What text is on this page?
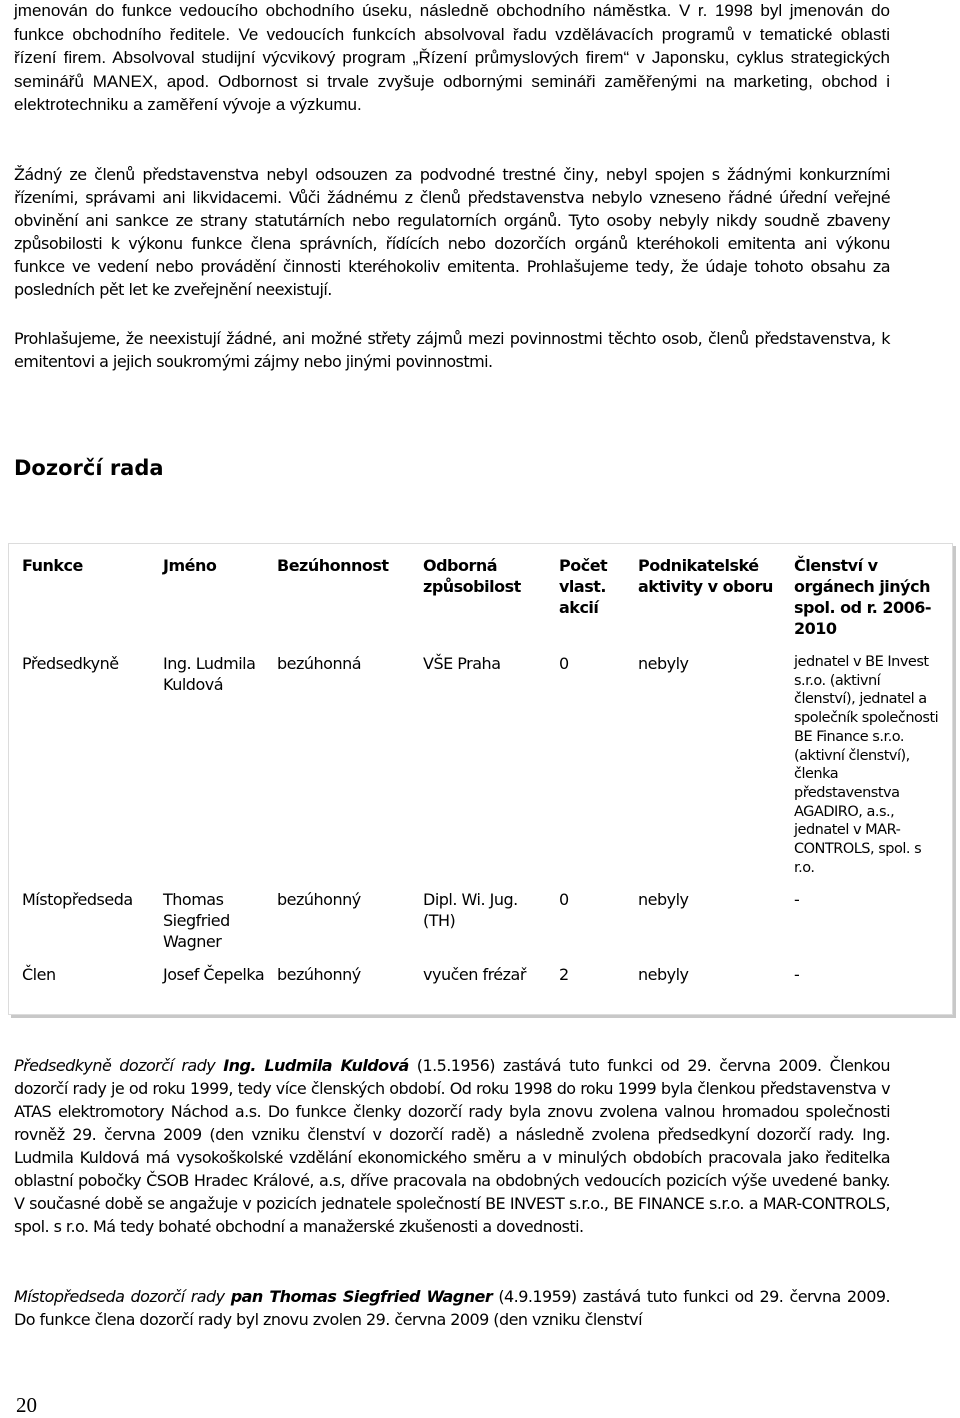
jmenován do funkce vedoucího obchodního úseku, následně obchodního náměstka. V r. 1998 byl jmenován do funkce obchodního ředitele. Ve vedoucích funkcích absolvoval řadu vzdělávacích programů v tematické oblasti řízení firem. Absolvoval studijní výcvikový program „Řízení průmyslových firem“ v Japonsku, cyklus strategických seminářů MANEX, apod. Odbornost si trvale zvyšuje odbornými semináři zaměřenými na marketing, obchod i elektrotechniku a zaměření vývoje a výzkumu.

Žádný ze členů představenstva nebyl odsouzen za podvodné trestné činy, nebyl spojen s žádnými konkurzními řízeními, správami ani likvidacemi. Vůči žádnému z členů představenstva nebylo vzneseno řádné úřední veřejné obvinění ani sankce ze strany statutárních nebo regulatorních orgánů. Tyto osoby nebyly nikdy soudně zbaveny způsobilosti k výkonu funkce člena správních, řídících nebo dozorčích orgánů kteréhokoli emitenta ani výkonu funkce ve vedení nebo provádění činnosti kteréhokoliv emitenta. Prohlašujeme tedy, že údaje tohoto obsahu za posledních pět let ke zveřejnění neexistují.

Prohlašujeme, že neexistují žádné, ani možné střety zájmů mezi povinnostmi těchto osob, členů představenstva, k emitentovi a jejich soukromými zájmy nebo jinými povinnostmi.

Dozorčí rada
Funkce	Jméno	Bezúhonnost	Odborná způsobilost	Počet vlast. akcií	Podnikatelské aktivity v oboru	Členství v orgánech jiných spol. od r. 2006-2010
Předsedkyně	Ing. Ludmila Kuldová	bezúhonná	VŠE Praha	0	nebyly	jednatel v BE Invest s.r.o. (aktivní členství), jednatel a společník společnosti BE Finance s.r.o. (aktivní členství), členka představenstva AGADIRO, a.s., jednatel v MAR-CONTROLS, spol. s r.o.
Místopředseda	Thomas Siegfried Wagner	bezúhonný	Dipl. Wi. Jug. (TH)	0	nebyly	-
Člen	Josef Čepelka	bezúhonný	vyučen frézař	2	nebyly	-

Předsedkyně dozorčí rady Ing. Ludmila Kuldová (1.5.1956) zastává tuto funkci od 29. června 2009. Členkou dozorčí rady je od roku 1999, tedy více členských období. Od roku 1998 do roku 1999 byla členkou představenstva v ATAS elektromotory Náchod a.s. Do funkce členky dozorčí rady byla znovu zvolena valnou hromadou společnosti rovněž 29. června 2009 (den vzniku členství v dozorčí radě) a následně zvolena předsedkyní dozorčí rady. Ing. Ludmila Kuldová má vysokoškolské vzdělání ekonomického směru a v minulých obdobích pracovala jako ředitelka oblastní pobočky ČSOB Hradec Králové, a.s, dříve pracovala na obdobných vedoucích pozicích výše uvedené banky. V současné době se angažuje v pozicích jednatele společností BE INVEST s.r.o., BE FINANCE s.r.o. a MAR-CONTROLS, spol. s r.o. Má tedy bohaté obchodní a manažerské zkušenosti a dovednosti.

Místopředseda dozorčí rady pan Thomas Siegfried Wagner (4.9.1959) zastává tuto funkci od 29. června 2009. Do funkce člena dozorčí rady byl znovu zvolen 29. června 2009 (den vzniku členství

20
